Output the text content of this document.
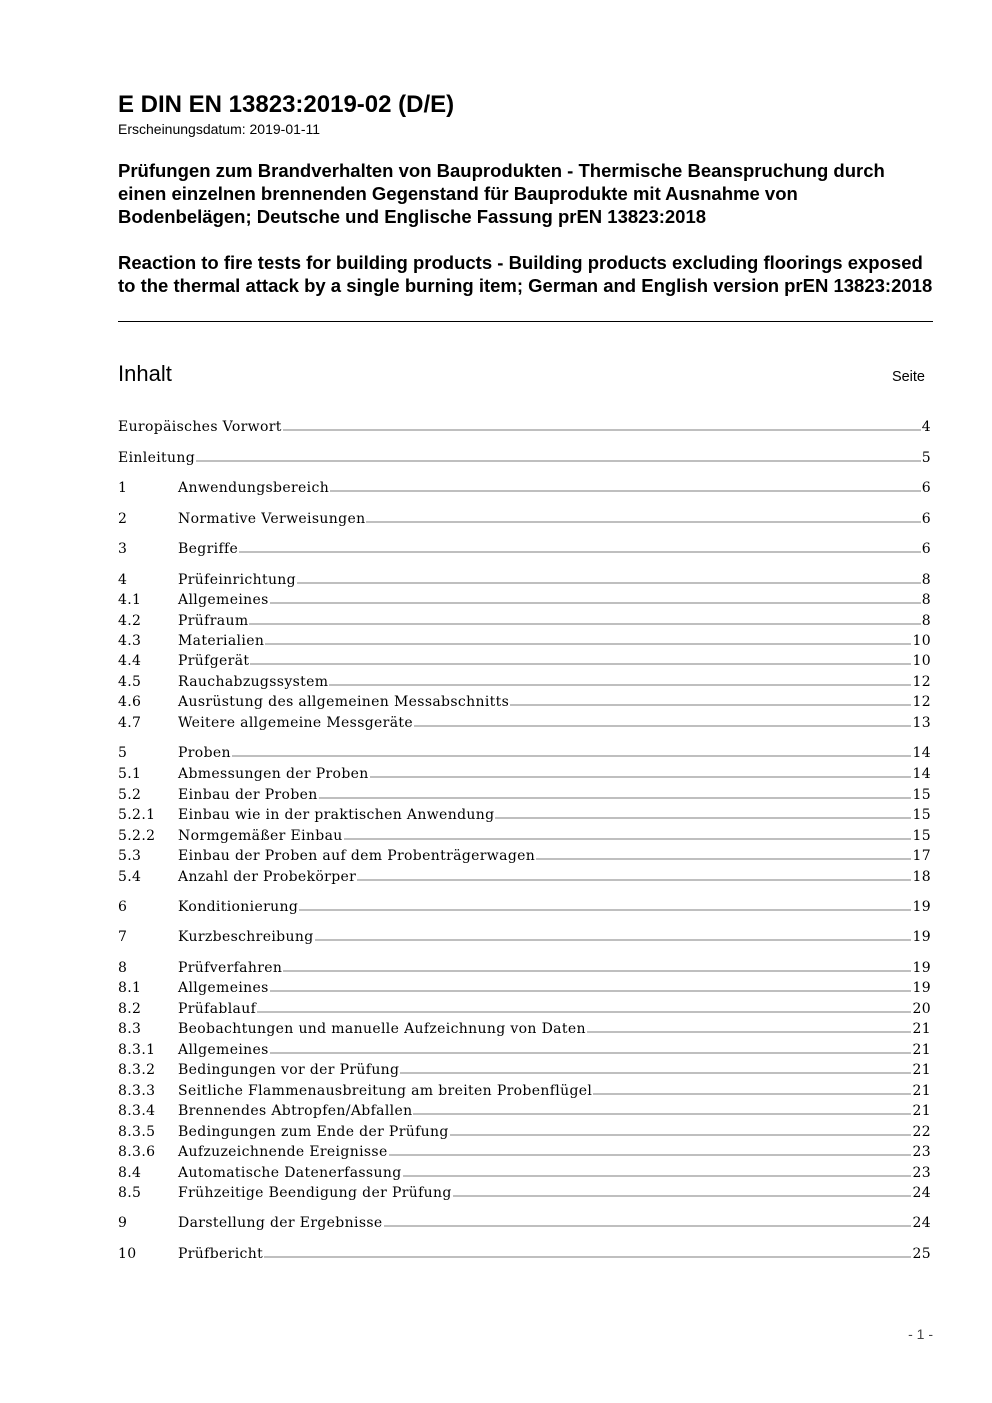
E DIN EN 13823:2019-02 (D/E)
Erscheinungsdatum: 2019-01-11
Prüfungen zum Brandverhalten von Bauprodukten - Thermische Beanspruchung durch einen einzelnen brennenden Gegenstand für Bauprodukte mit Ausnahme von Bodenbelägen; Deutsche und Englische Fassung prEN 13823:2018
Reaction to fire tests for building products - Building products excluding floorings exposed to the thermal attack by a single burning item; German and English version prEN 13823:2018
Inhalt	Seite
Europäisches Vorwort	4
Einleitung	5
1	Anwendungsbereich	6
2	Normative Verweisungen	6
3	Begriffe	6
4	Prüfeinrichtung	8
4.1	Allgemeines	8
4.2	Prüfraum	8
4.3	Materialien	10
4.4	Prüfgerät	10
4.5	Rauchabzugssystem	12
4.6	Ausrüstung des allgemeinen Messabschnitts	12
4.7	Weitere allgemeine Messgeräte	13
5	Proben	14
5.1	Abmessungen der Proben	14
5.2	Einbau der Proben	15
5.2.1	Einbau wie in der praktischen Anwendung	15
5.2.2	Normgemäßer Einbau	15
5.3	Einbau der Proben auf dem Probenträgerwagen	17
5.4	Anzahl der Probekörper	18
6	Konditionierung	19
7	Kurzbeschreibung	19
8	Prüfverfahren	19
8.1	Allgemeines	19
8.2	Prüfablauf	20
8.3	Beobachtungen und manuelle Aufzeichnung von Daten	21
8.3.1	Allgemeines	21
8.3.2	Bedingungen vor der Prüfung	21
8.3.3	Seitliche Flammenausbreitung am breiten Probenflügel	21
8.3.4	Brennendes Abtropfen/Abfallen	21
8.3.5	Bedingungen zum Ende der Prüfung	22
8.3.6	Aufzuzeichnende Ereignisse	23
8.4	Automatische Datenerfassung	23
8.5	Frühzeitige Beendigung der Prüfung	24
9	Darstellung der Ergebnisse	24
10	Prüfbericht	25
- 1 -
